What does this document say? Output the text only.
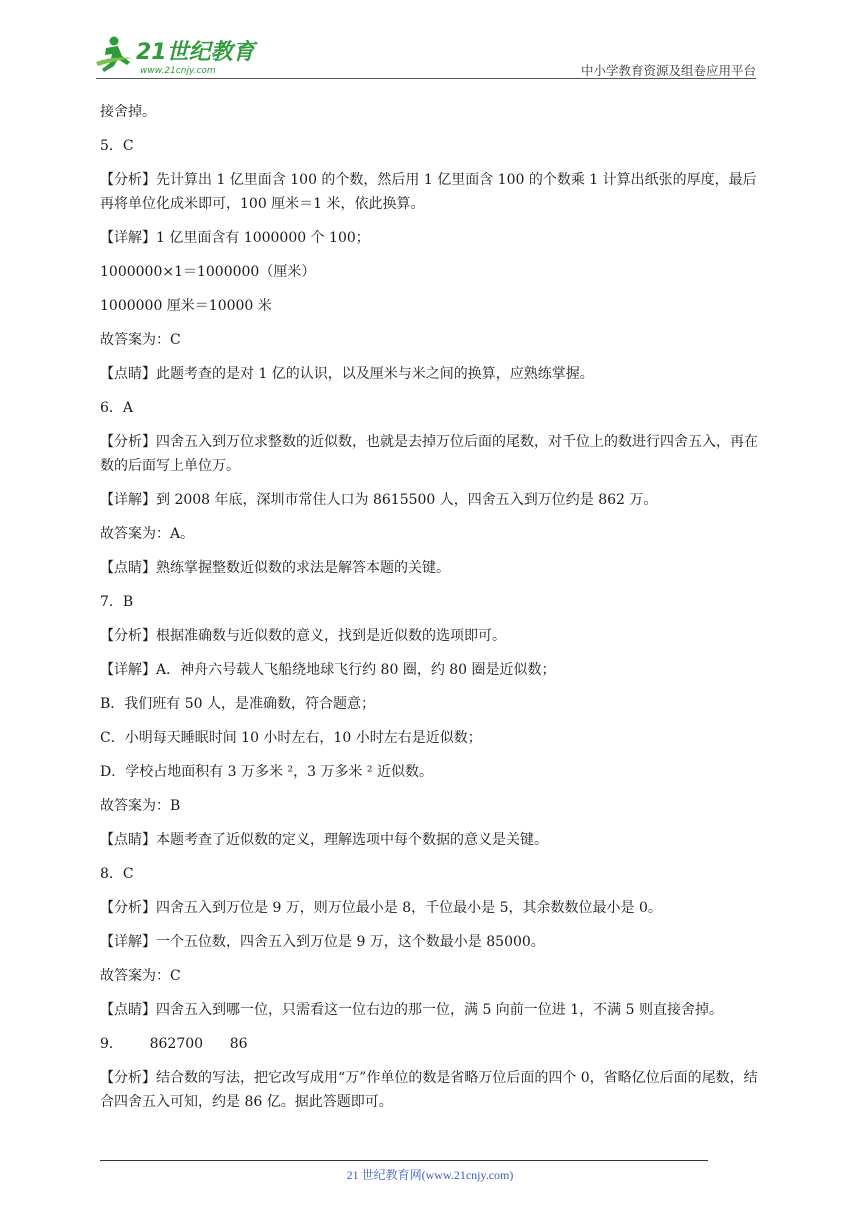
21世纪教育
www.21cnjy.com	中小学教育资源及组卷应用平台

接舍掉。

5．C

【分析】先计算出 1 亿里面含 100 的个数，然后用 1 亿里面含 100 的个数乘 1 计算出纸张的厚度，最后再将单位化成米即可，100 厘米＝1 米，依此换算。

【详解】1 亿里面含有 1000000 个 100；

1000000×1＝1000000（厘米）

1000000 厘米＝10000 米

故答案为：C

【点睛】此题考查的是对 1 亿的认识，以及厘米与米之间的换算，应熟练掌握。

6．A

【分析】四舍五入到万位求整数的近似数，也就是去掉万位后面的尾数，对千位上的数进行四舍五入，再在数的后面写上单位万。

【详解】到 2008 年底，深圳市常住人口为 8615500 人，四舍五入到万位约是 862 万。

故答案为：A。

【点睛】熟练掌握整数近似数的求法是解答本题的关键。

7．B

【分析】根据准确数与近似数的意义，找到是近似数的选项即可。

【详解】A．神舟六号载人飞船绕地球飞行约 80 圈，约 80 圈是近似数；

B．我们班有 50 人，是准确数，符合题意；

C．小明每天睡眠时间 10 小时左右，10 小时左右是近似数；

D．学校占地面积有 3 万多米 ²，3 万多米 ² 近似数。

故答案为：B

【点睛】本题考查了近似数的定义，理解选项中每个数据的意义是关键。

8．C

【分析】四舍五入到万位是 9 万，则万位最小是 8，千位最小是 5，其余数数位最小是 0。

【详解】一个五位数，四舍五入到万位是 9 万，这个数最小是 85000。

故答案为：C

【点睛】四舍五入到哪一位，只需看这一位右边的那一位，满 5 向前一位进 1，不满 5 则直接舍掉。

9．      862700      86

【分析】结合数的写法，把它改写成用“万”作单位的数是省略万位后面的四个 0，省略亿位后面的尾数，结合四舍五入可知，约是 86 亿。据此答题即可。

21 世纪教育网(www.21cnjy.com)
